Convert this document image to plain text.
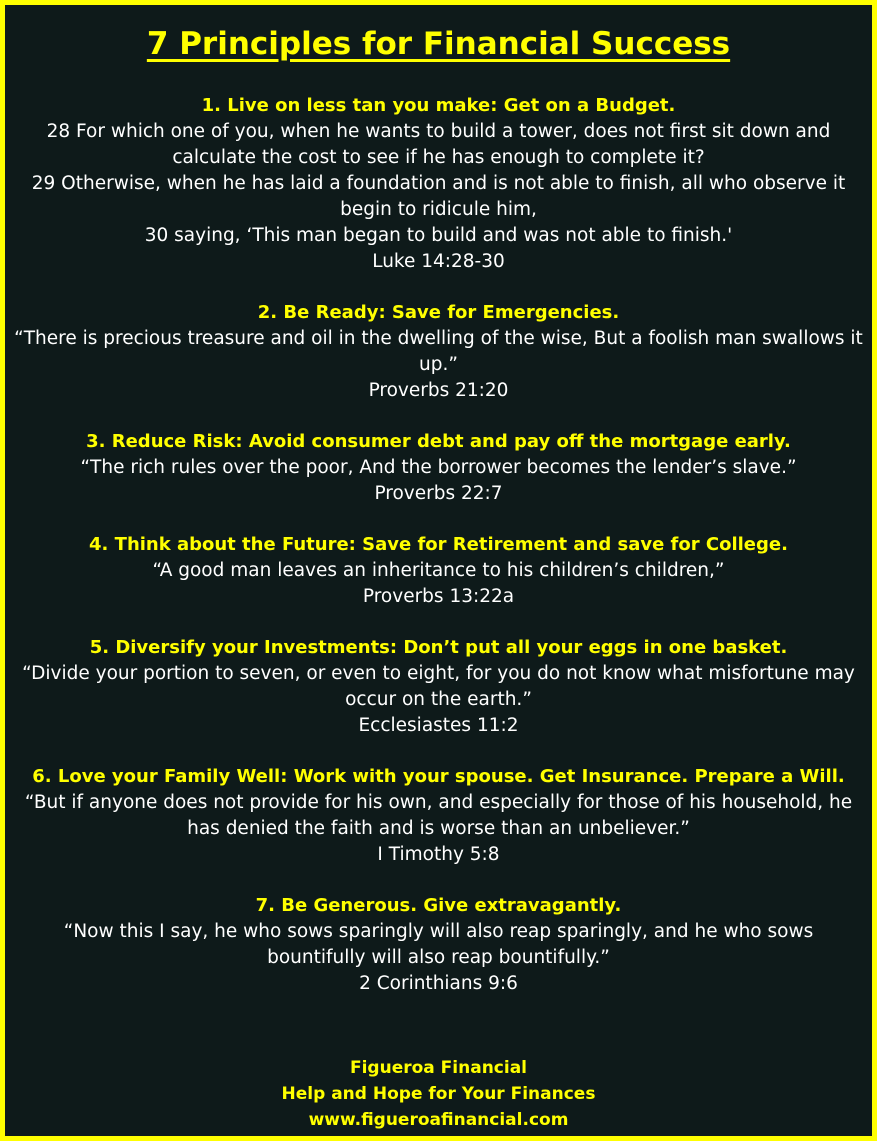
7 Principles for Financial Success
1. Live on less tan you make: Get on a Budget.
28 For which one of you, when he wants to build a tower, does not first sit down and calculate the cost to see if he has enough to complete it?
29 Otherwise, when he has laid a foundation and is not able to finish, all who observe it begin to ridicule him,
30 saying, ‘This man began to build and was not able to finish.'
Luke 14:28-30
2. Be Ready: Save for Emergencies.
“There is precious treasure and oil in the dwelling of the wise, But a foolish man swallows it up.”
Proverbs 21:20
3. Reduce Risk: Avoid consumer debt and pay off the mortgage early.
“The rich rules over the poor, And the borrower becomes the lender’s slave.”
Proverbs 22:7
4. Think about the Future: Save for Retirement and save for College.
“A good man leaves an inheritance to his children’s children,”
Proverbs 13:22a
5. Diversify your Investments: Don’t put all your eggs in one basket.
“Divide your portion to seven, or even to eight, for you do not know what misfortune may occur on the earth.”
Ecclesiastes 11:2
6. Love your Family Well: Work with your spouse. Get Insurance. Prepare a Will.
“But if anyone does not provide for his own, and especially for those of his household, he has denied the faith and is worse than an unbeliever.”
I Timothy 5:8
7. Be Generous. Give extravagantly.
“Now this I say, he who sows sparingly will also reap sparingly, and he who sows bountifully will also reap bountifully.”
2 Corinthians 9:6
Figueroa Financial
Help and Hope for Your Finances
www.figueroafinancial.com
